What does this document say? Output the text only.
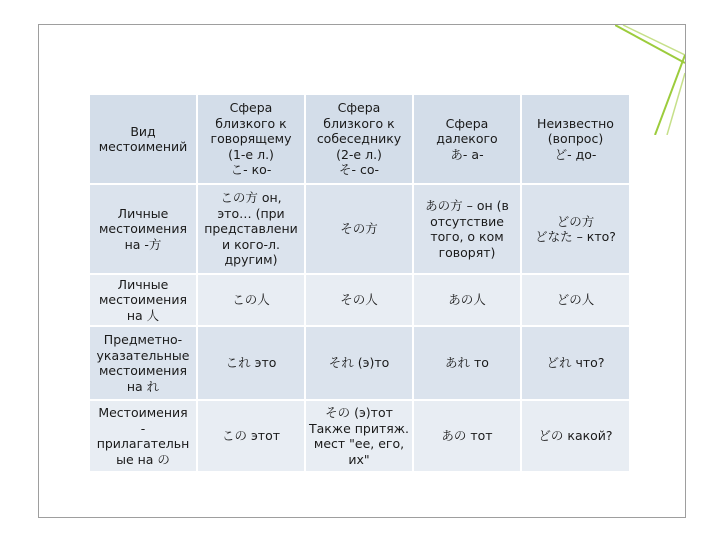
Вид
местоимений	Сфера
близкого к
говорящему
(1-е л.)
こ- ко-	Сфера
близкого к
собеседнику
(2-е л.)
そ- со-	Сфера
далекого
あ- а-	Неизвестно
(вопрос)
ど- до-

Личные
местоимения
на -方	この方 он,
это… (при
представлени
и кого-л.
другим)	その方	あの方 – он (в
отсутствие
того, о ком
говорят)	どの方
どなた – кто?

Личные
местоимения
на 人	この人	その人	あの人	どの人

Предметно-
указательные
местоимения
на れ	これ это	それ (э)то	あれ то	どれ что?

Местоимения
-
прилагательн
ые на の	この этот	その (э)тот
Также притяж.
мест "ее, его,
их"	あの тот	どの какой?
